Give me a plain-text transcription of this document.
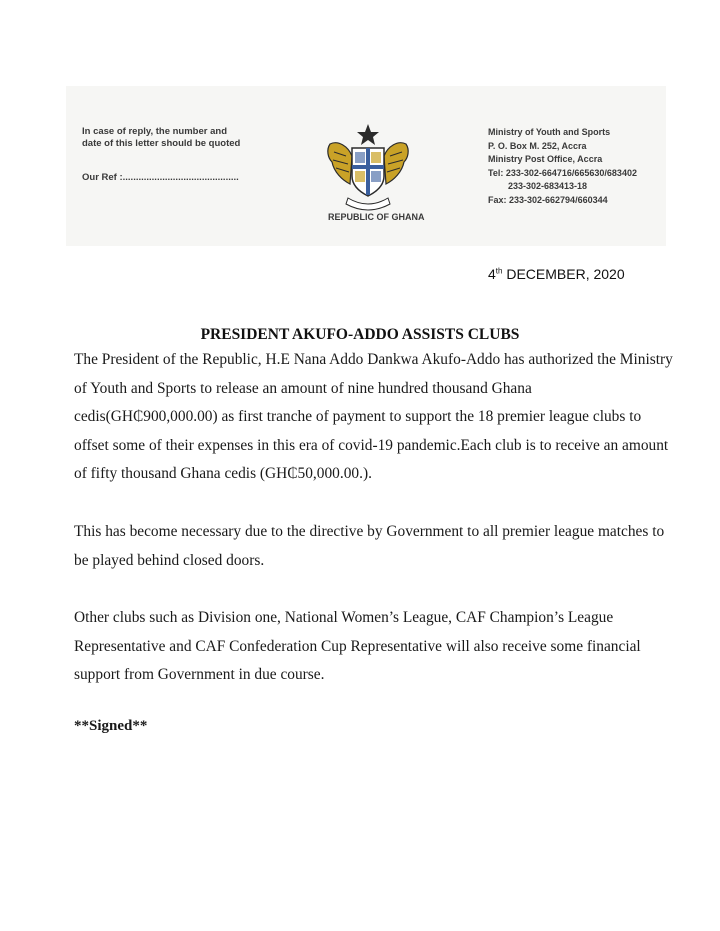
In case of reply, the number and
date of this letter should be quoted
Our Ref :............................................
REPUBLIC OF GHANA
Ministry of Youth and Sports
P. O. Box M. 252, Accra
Ministry Post Office, Accra
Tel: 233-302-664716/665630/683402
233-302-683413-18
Fax: 233-302-662794/660344
4th DECEMBER, 2020
PRESIDENT AKUFO-ADDO ASSISTS CLUBS
The President of the Republic, H.E Nana Addo Dankwa Akufo-Addo has authorized the Ministry of Youth and Sports to release an amount of nine hundred thousand Ghana cedis(GH₵900,000.00) as first tranche of payment to support the 18 premier league clubs to offset some of their expenses in this era of covid-19 pandemic.Each club is to receive an amount of fifty thousand Ghana cedis (GH₵50,000.00.).
This has become necessary due to the directive by Government to all premier league matches to be played behind closed doors.
Other clubs such as Division one, National Women’s League, CAF Champion’s League Representative and CAF Confederation Cup Representative will also receive some financial support from Government in due course.
**Signed**
